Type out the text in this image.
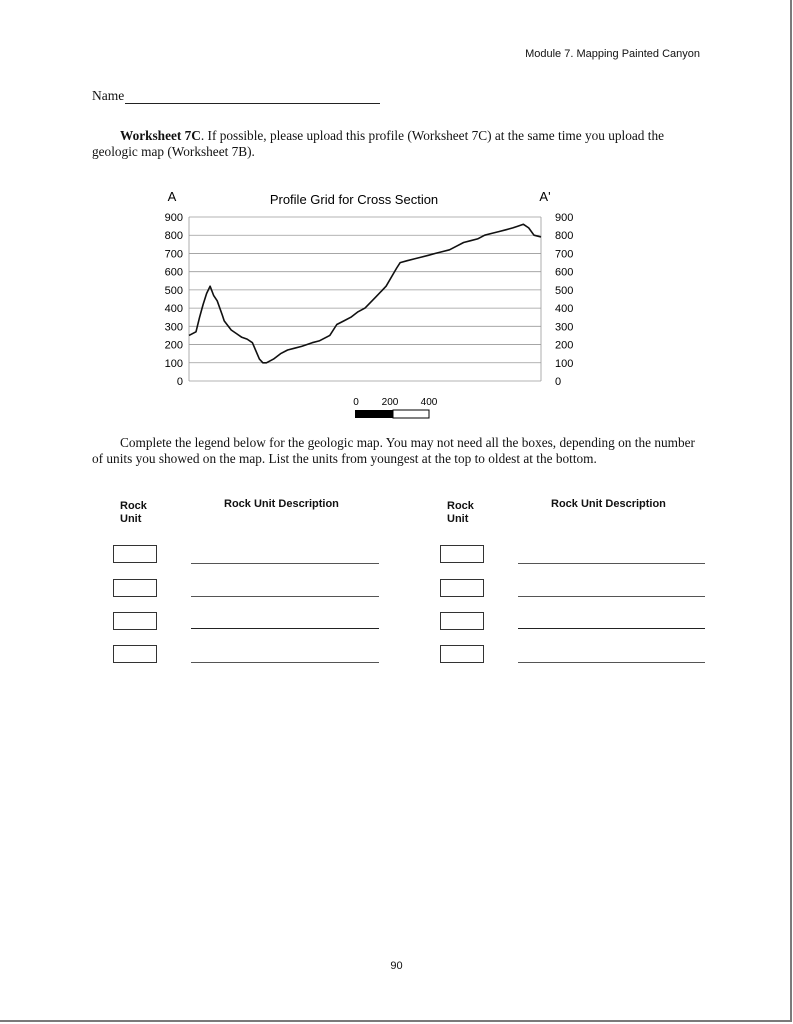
Module 7. Mapping Painted Canyon
Name
Worksheet 7C. If possible, please upload this profile (Worksheet 7C) at the same time you upload the geologic map (Worksheet 7B).
A	Profile Grid for Cross Section	A'
0	0
100	100
200	200
300	300
400	400
500	500
600	600
700	700
800	800
900	900
0 200 400
Complete the legend below for the geologic map. You may not need all the boxes, depending on the number of units you showed on the map. List the units from youngest at the top to oldest at the bottom.
Rock
Unit
Rock Unit Description	Rock
Unit
Rock Unit Description
90
